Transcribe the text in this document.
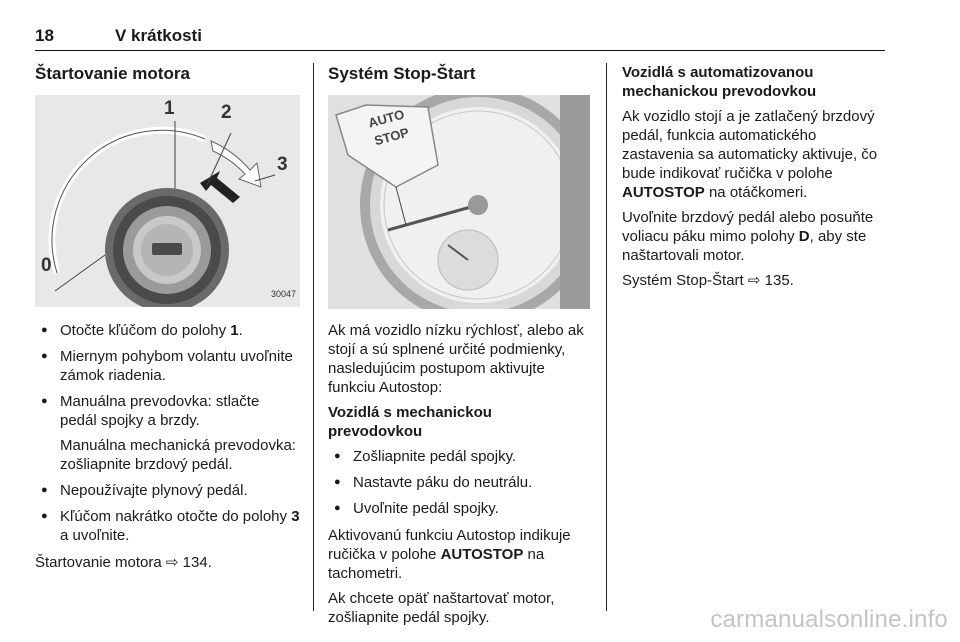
18	V krátkosti
Štartovanie motora
1 2
3
0
30047
● Otočte kľúčom do polohy 1.
● Miernym pohybom volantu uvoľnite zámok riadenia.
● Manuálna prevodovka: stlačte pedál spojky a brzdy.

Manuálna mechanická prevodovka: zošliapnite brzdový pedál.

● Nepoužívajte plynový pedál.
● Kľúčom nakrátko otočte do polohy 3 a uvoľnite.

Štartovanie motora ⇨ 134.

Systém Stop-Štart
AUTO
STOP

Ak má vozidlo nízku rýchlosť, alebo ak stojí a sú splnené určité podmienky, nasledujúcim postupom aktivujte funkciu Autostop:

Vozidlá s mechanickou prevodovkou
● Zošliapnite pedál spojky.
● Nastavte páku do neutrálu.
● Uvoľnite pedál spojky.

Aktivovanú funkciu Autostop indikuje ručička v polohe AUTOSTOP na tachometri.

Ak chcete opäť naštartovať motor, zošliapnite pedál spojky.

Vozidlá s automatizovanou mechanickou prevodovkou

Ak vozidlo stojí a je zatlačený brzdový pedál, funkcia automatického zastavenia sa automaticky aktivuje, čo bude indikovať ručička v polohe AUTOSTOP na otáčkomeri.

Uvoľnite brzdový pedál alebo posuňte voliacu páku mimo polohy D, aby ste naštartovali motor.

Systém Stop-Štart ⇨ 135.

carmanualsonline.info
